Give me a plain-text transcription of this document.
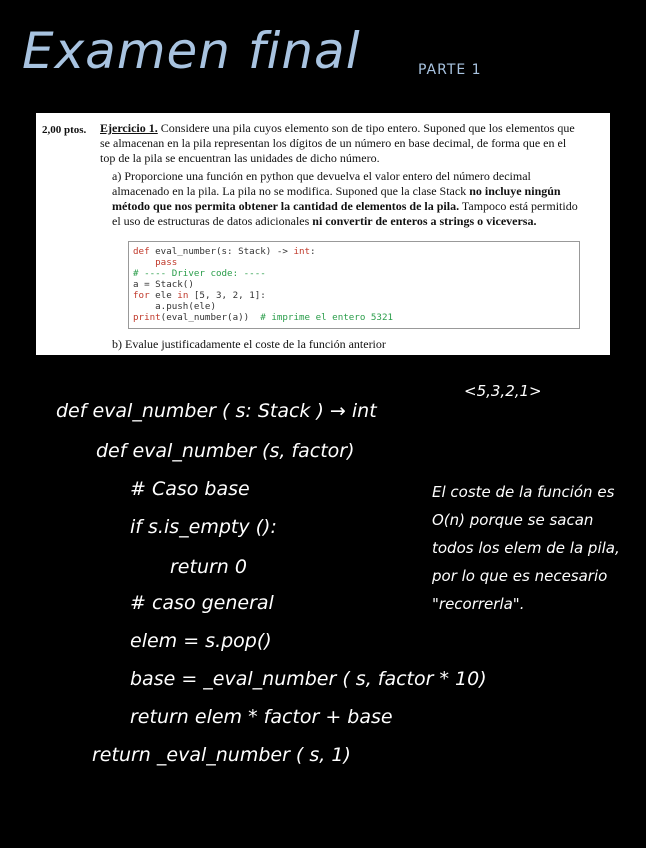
Examen final	PARTE 1
2,00 ptos. Ejercicio 1. Considere una pila cuyos elemento son de tipo entero. Suponed que los elementos que se almacenan en la pila representan los dígitos de un número en base decimal, de forma que en el top de la pila se encuentran las unidades de dicho número.
a) Proporcione una función en python que devuelva el valor entero del número decimal almacenado en la pila. La pila no se modifica. Suponed que la clase Stack no incluye ningún método que nos permita obtener la cantidad de elementos de la pila. Tampoco está permitido el uso de estructuras de datos adicionales ni convertir de enteros a strings o viceversa.
def eval_number(s: Stack) -> int:
pass
# ---- Driver code: ----
a = Stack()
for ele in [5, 3, 2, 1]:
a.push(ele)
print(eval_number(a))  # imprime el entero 5321
b) Evalue justificadamente el coste de la función anterior
<5,3,2,1>
def eval_number ( s: Stack ) → int
def eval_number (s, factor)
# Caso base
if s.is_empty ():
return 0
# caso general
elem = s.pop()
base = _eval_number ( s, factor * 10)
return elem * factor + base
return _eval_number ( s, 1)
El coste de la función es O(n) porque se sacan todos los elem de la pila, por lo que es necesario "recorrerla".
